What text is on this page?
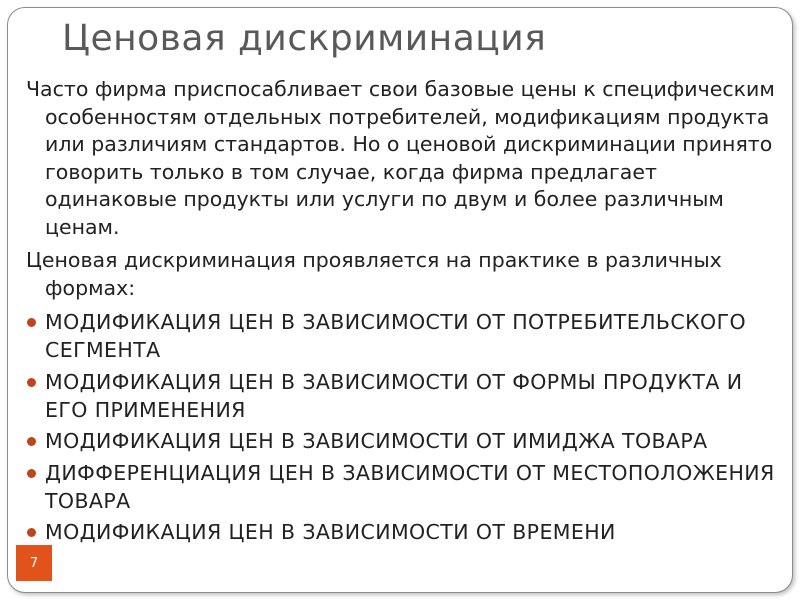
Ценовая дискриминация

Часто фирма приспосабливает свои базовые цены к специфическим особенностям отдельных потребителей, модификациям продукта или различиям стандартов. Но о ценовой дискриминации принято говорить только в том случае, когда фирма предлагает одинаковые продукты или услуги по двум и более различным ценам.

Ценовая дискриминация проявляется на практике в различных формах:

МОДИФИКАЦИЯ ЦЕН В ЗАВИСИМОСТИ ОТ ПОТРЕБИТЕЛЬСКОГО СЕГМЕНТА
МОДИФИКАЦИЯ ЦЕН В ЗАВИСИМОСТИ ОТ ФОРМЫ ПРОДУКТА И ЕГО ПРИМЕНЕНИЯ
МОДИФИКАЦИЯ ЦЕН В ЗАВИСИМОСТИ ОТ ИМИДЖА ТОВАРА
ДИФФЕРЕНЦИАЦИЯ ЦЕН В ЗАВИСИМОСТИ ОТ МЕСТОПОЛОЖЕНИЯ ТОВАРА
МОДИФИКАЦИЯ ЦЕН В ЗАВИСИМОСТИ ОТ ВРЕМЕНИ
7
